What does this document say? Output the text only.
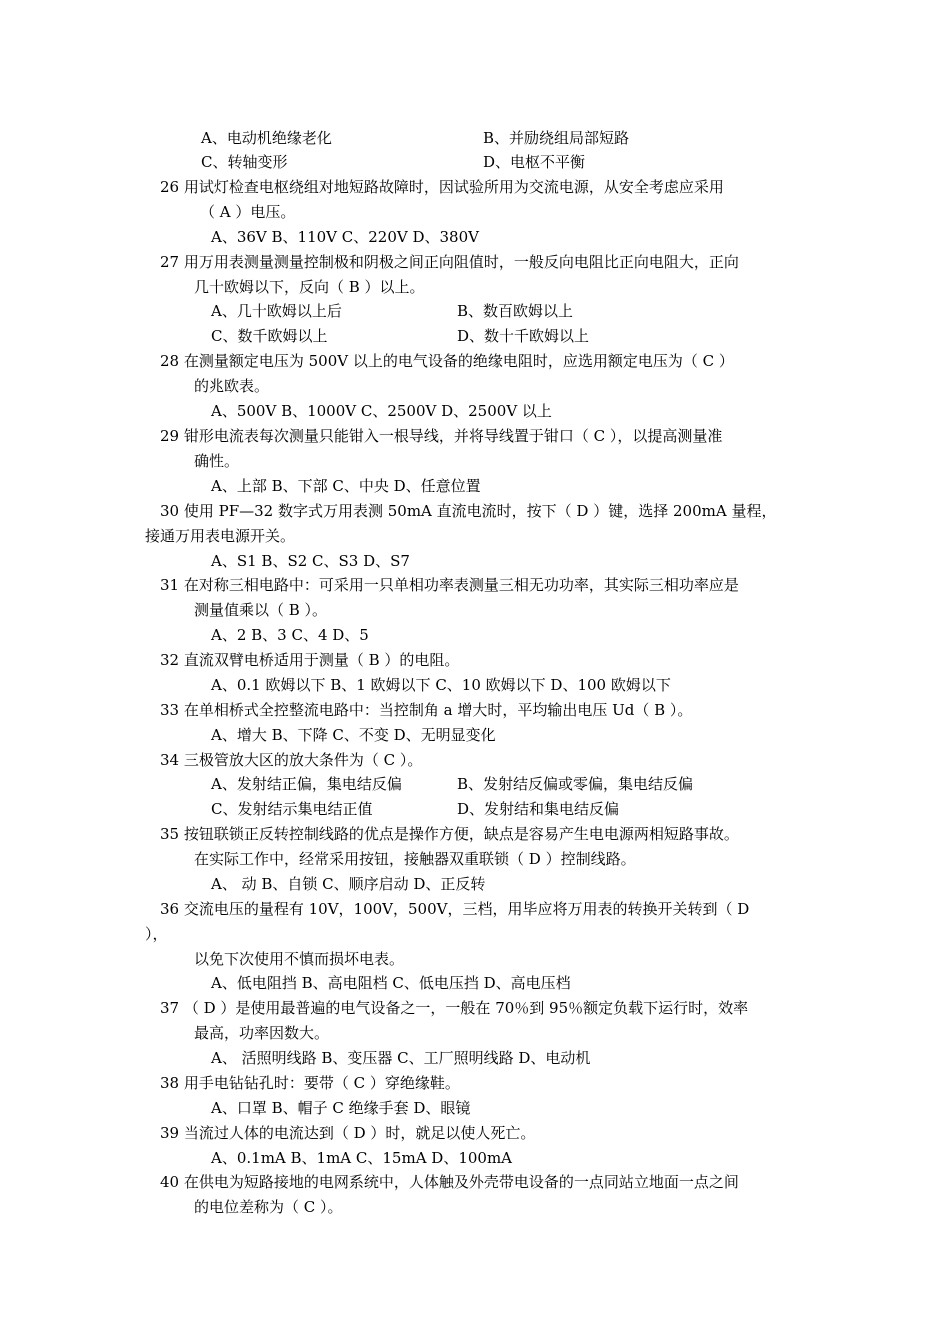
A、电动机绝缘老化	B、并励绕组局部短路
C、转轴变形	D、电枢不平衡
26 用试灯检查电枢绕组对地短路故障时，因试验所用为交流电源，从安全考虑应采用
（ A ）电压。
A、36V B、110V C、220V D、380V
27 用万用表测量测量控制极和阴极之间正向阻值时，一般反向电阻比正向电阻大，正向
几十欧姆以下，反向（ B ）以上。
A、几十欧姆以上后	B、数百欧姆以上
C、数千欧姆以上	D、数十千欧姆以上
28 在测量额定电压为 500V 以上的电气设备的绝缘电阻时，应选用额定电压为（ C ）
的兆欧表。
A、500V B、1000V C、2500V D、2500V 以上
29 钳形电流表每次测量只能钳入一根导线，并将导线置于钳口（ C ），以提高测量准
确性。
A、上部 B、下部 C、中央 D、任意位置
30 使用 PF—32 数字式万用表测 50mA 直流电流时，按下（ D ）键，选择 200mA 量程，
接通万用表电源开关。
A、S1 B、S2 C、S3 D、S7
31 在对称三相电路中：可采用一只单相功率表测量三相无功功率，其实际三相功率应是
测量值乘以（ B ）。
A、2 B、3 C、4 D、5
32 直流双臂电桥适用于测量（ B ）的电阻。
A、0.1 欧姆以下 B、1 欧姆以下 C、10 欧姆以下 D、100 欧姆以下
33 在单相桥式全控整流电路中：当控制角 a 增大时，平均输出电压 Ud（ B ）。
A、增大 B、下降 C、不变 D、无明显变化
34 三极管放大区的放大条件为（ C ）。
A、发射结正偏，集电结反偏	B、发射结反偏或零偏，集电结反偏
C、发射结示集电结正值	D、发射结和集电结反偏
35 按钮联锁正反转控制线路的优点是操作方便，缺点是容易产生电电源两相短路事故。
在实际工作中，经常采用按钮，接触器双重联锁（ D ）控制线路。
A、 动 B、自锁 C、顺序启动 D、正反转
36 交流电压的量程有 10V，100V，500V，三档，用毕应将万用表的转换开关转到（ D
），
以免下次使用不慎而损坏电表。
A、低电阻挡 B、高电阻档 C、低电压挡 D、高电压档
37 （ D ）是使用最普遍的电气设备之一，一般在 70％到 95％额定负载下运行时，效率
最高，功率因数大。
A、 活照明线路 B、变压器 C、工厂照明线路 D、电动机
38 用手电钻钻孔时：要带（ C ）穿绝缘鞋。
A、口罩 B、帽子 C 绝缘手套 D、眼镜
39 当流过人体的电流达到（ D ）时，就足以使人死亡。
A、0.1mA B、1mA C、15mA D、100mA
40 在供电为短路接地的电网系统中，人体触及外壳带电设备的一点同站立地面一点之间
的电位差称为（ C ）。
